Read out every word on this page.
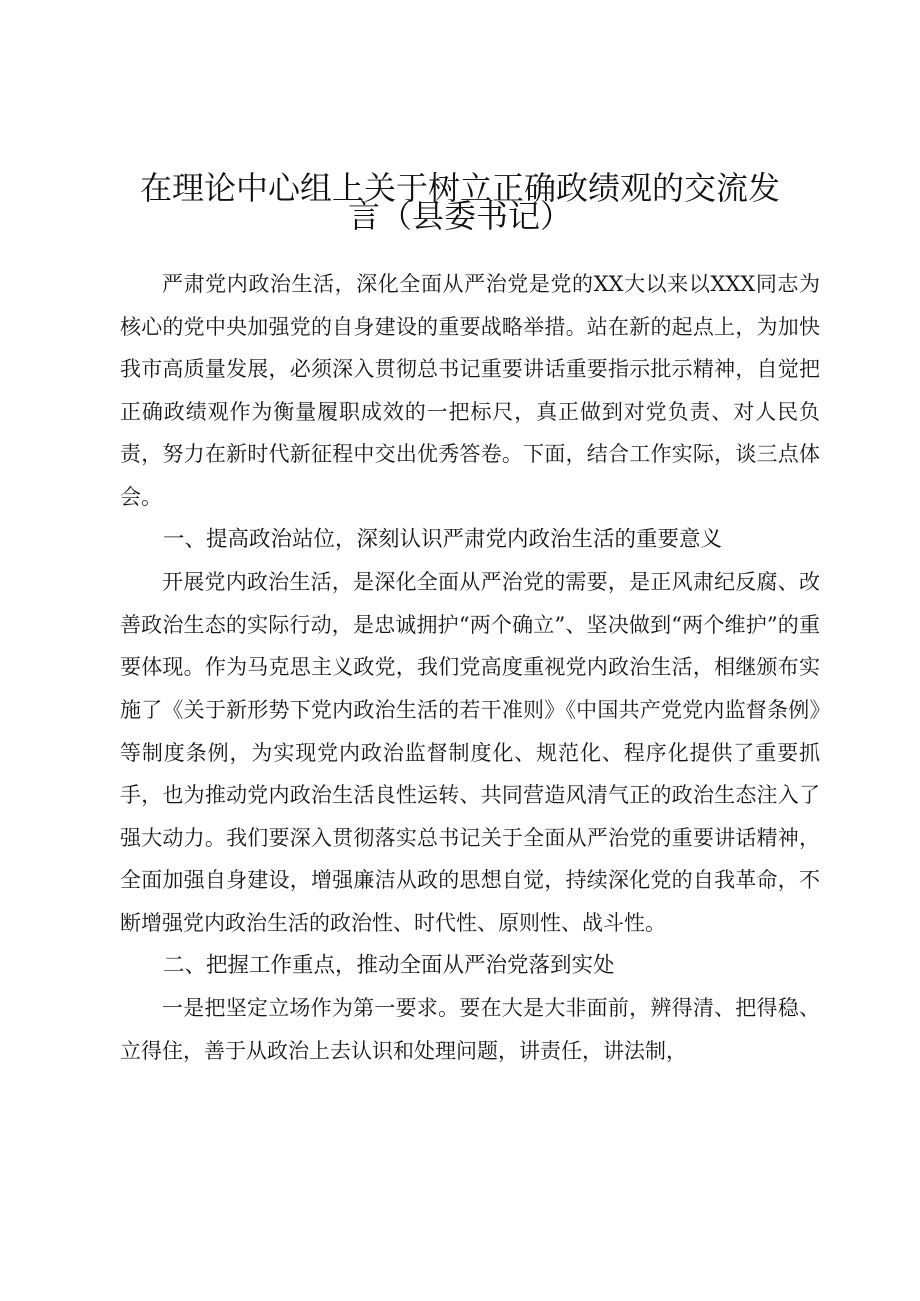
在理论中心组上关于树立正确政绩观的交流发
言（县委书记）

严肃党内政治生活，深化全面从严治党是党的XX大以来以XXX同志为核心的党中央加强党的自身建设的重要战略举措。站在新的起点上，为加快我市高质量发展，必须深入贯彻总书记重要讲话重要指示批示精神，自觉把正确政绩观作为衡量履职成效的一把标尺，真正做到对党负责、对人民负责，努力在新时代新征程中交出优秀答卷。下面，结合工作实际，谈三点体会。

一、提高政治站位，深刻认识严肃党内政治生活的重要意义

开展党内政治生活，是深化全面从严治党的需要，是正风肃纪反腐、改善政治生态的实际行动，是忠诚拥护“两个确立”、坚决做到“两个维护”的重要体现。作为马克思主义政党，我们党高度重视党内政治生活，相继颁布实施了《关于新形势下党内政治生活的若干准则》《中国共产党党内监督条例》等制度条例，为实现党内政治监督制度化、规范化、程序化提供了重要抓手，也为推动党内政治生活良性运转、共同营造风清气正的政治生态注入了强大动力。我们要深入贯彻落实总书记关于全面从严治党的重要讲话精神，全面加强自身建设，增强廉洁从政的思想自觉，持续深化党的自我革命，不断增强党内政治生活的政治性、时代性、原则性、战斗性。

二、把握工作重点，推动全面从严治党落到实处

一是把坚定立场作为第一要求。要在大是大非面前，辨得清、把得稳、立得住，善于从政治上去认识和处理问题，讲责任，讲法制，
